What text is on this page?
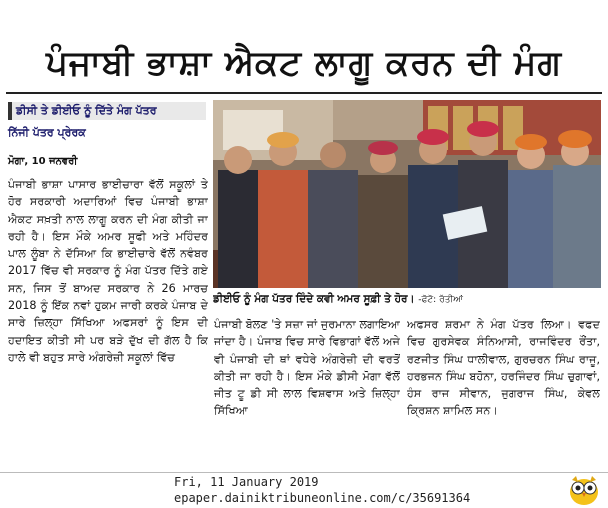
ਪੰਜਾਬੀ ਭਾਸ਼ਾ ਐਕਟ ਲਾਗੂ ਕਰਨ ਦੀ ਮੰਗ
ਡੀਸੀ ਤੇ ਡੀਈਓ ਨੂੰ ਦਿੱਤੇ ਮੰਗ ਪੱਤਰ
ਨਿੱਜੀ ਪੱਤਰ ਪ੍ਰੇਰਕ
ਮੋਗਾ, 10 ਜਨਵਰੀ
ਪੰਜਾਬੀ ਭਾਸ਼ਾ ਪਾਸਾਰ ਭਾਈਚਾਰਾ ਵੱਲੋਂ ਸਕੂਲਾਂ ਤੇ ਹੋਰ ਸਰਕਾਰੀ ਅਦਾਰਿਆਂ ਵਿਚ ਪੰਜਾਬੀ ਭਾਸ਼ਾ ਐਕਟ ਸਖ਼ਤੀ ਨਾਲ ਲਾਗੂ ਕਰਨ ਦੀ ਮੰਗ ਕੀਤੀ ਜਾ ਰਹੀ ਹੈ। ਇਸ ਮੌਕੇ ਅਮਰ ਸੂਫੀ ਅਤੇ ਮਹਿੰਦਰ ਪਾਲ ਲੂੰਬਾ ਨੇ ਦੱਸਿਆ ਕਿ ਭਾਈਚਾਰੇ ਵੱਲੋਂ ਨਵੰਬਰ 2017 ਵਿੱਚ ਵੀ ਸਰਕਾਰ ਨੂੰ ਮੰਗ ਪੱਤਰ ਦਿੱਤੇ ਗਏ ਸਨ, ਜਿਸ ਤੋਂ ਬਾਅਦ ਸਰਕਾਰ ਨੇ 26 ਮਾਰਚ 2018 ਨੂੰ ਇੱਕ ਨਵਾਂ ਹੁਕਮ ਜਾਰੀ ਕਰਕੇ ਪੰਜਾਬ ਦੇ ਸਾਰੇ ਜ਼ਿਲ੍ਹਾ ਸਿੱਖਿਆ ਅਫਸਰਾਂ ਨੂੰ ਇਸ ਦੀ ਹਦਾਇਤ ਕੀਤੀ ਸੀ ਪਰ ਬੜੇ ਦੁੱਖ ਦੀ ਗੱਲ ਹੈ ਕਿ ਹਾਲੇ ਵੀ ਬਹੁਤ ਸਾਰੇ ਅੰਗਰੇਜ਼ੀ ਸਕੂਲਾਂ ਵਿੱਚ
ਡੀਈਓ ਨੂੰ ਮੰਗ ਪੱਤਰ ਦਿੰਦੇ ਕਵੀ ਅਮਰ ਸੂਫ਼ੀ ਤੇ ਹੋਰ। -ਫੋਟੋ: ਰੱਤੀਆਂ
ਪੰਜਾਬੀ ਬੋਲਣ 'ਤੇ ਸਜ਼ਾ ਜਾਂ ਜੁਰਮਾਨਾ ਲਗਾਇਆ ਜਾਂਦਾ ਹੈ। ਪੰਜਾਬ ਵਿਚ ਸਾਰੇ ਵਿਭਾਗਾਂ ਵੱਲੋਂ ਅਜੇ ਵੀ ਪੰਜਾਬੀ ਦੀ ਥਾਂ ਵਧੇਰੇ ਅੰਗਰੇਜ਼ੀ ਦੀ ਵਰਤੋਂ ਕੀਤੀ ਜਾ ਰਹੀ ਹੈ। ਇਸ ਮੌਕੇ ਡੀਸੀ ਮੋਗਾ ਵੱਲੋਂ ਜੀਤ ਟੂ ਡੀ ਸੀ ਲਾਲ ਵਿਸ਼ਵਾਸ ਅਤੇ ਜ਼ਿਲ੍ਹਾ ਸਿੱਖਿਆ
ਅਫਸਰ ਸ਼ਰਮਾ ਨੇ ਮੰਗ ਪੱਤਰ ਲਿਆ। ਵਫਦ ਵਿਚ ਗੁਰਸੇਵਕ ਸੰਨਿਆਸੀ, ਰਾਜਵਿੰਦਰ ਰੌਂਤਾ, ਰਣਜੀਤ ਸਿੰਘ ਧਾਲੀਵਾਲ, ਗੁਰਚਰਨ ਸਿੰਘ ਰਾਜੂ, ਹਰਭਜਨ ਸਿੰਘ ਬਹੋਨਾ, ਹਰਜਿੰਦਰ ਸਿੰਘ ਚੁਗਾਵਾਂ, ਹੰਸ ਰਾਜ ਸੀਵਾਨ, ਜੁਗਰਾਜ ਸਿੰਘ, ਕੇਵਲ ਕ੍ਰਿਸ਼ਨ ਸ਼ਾਮਿਲ ਸਨ।
Fri, 11 January 2019
epaper.dainiktribuneonline.com/c/35691364
